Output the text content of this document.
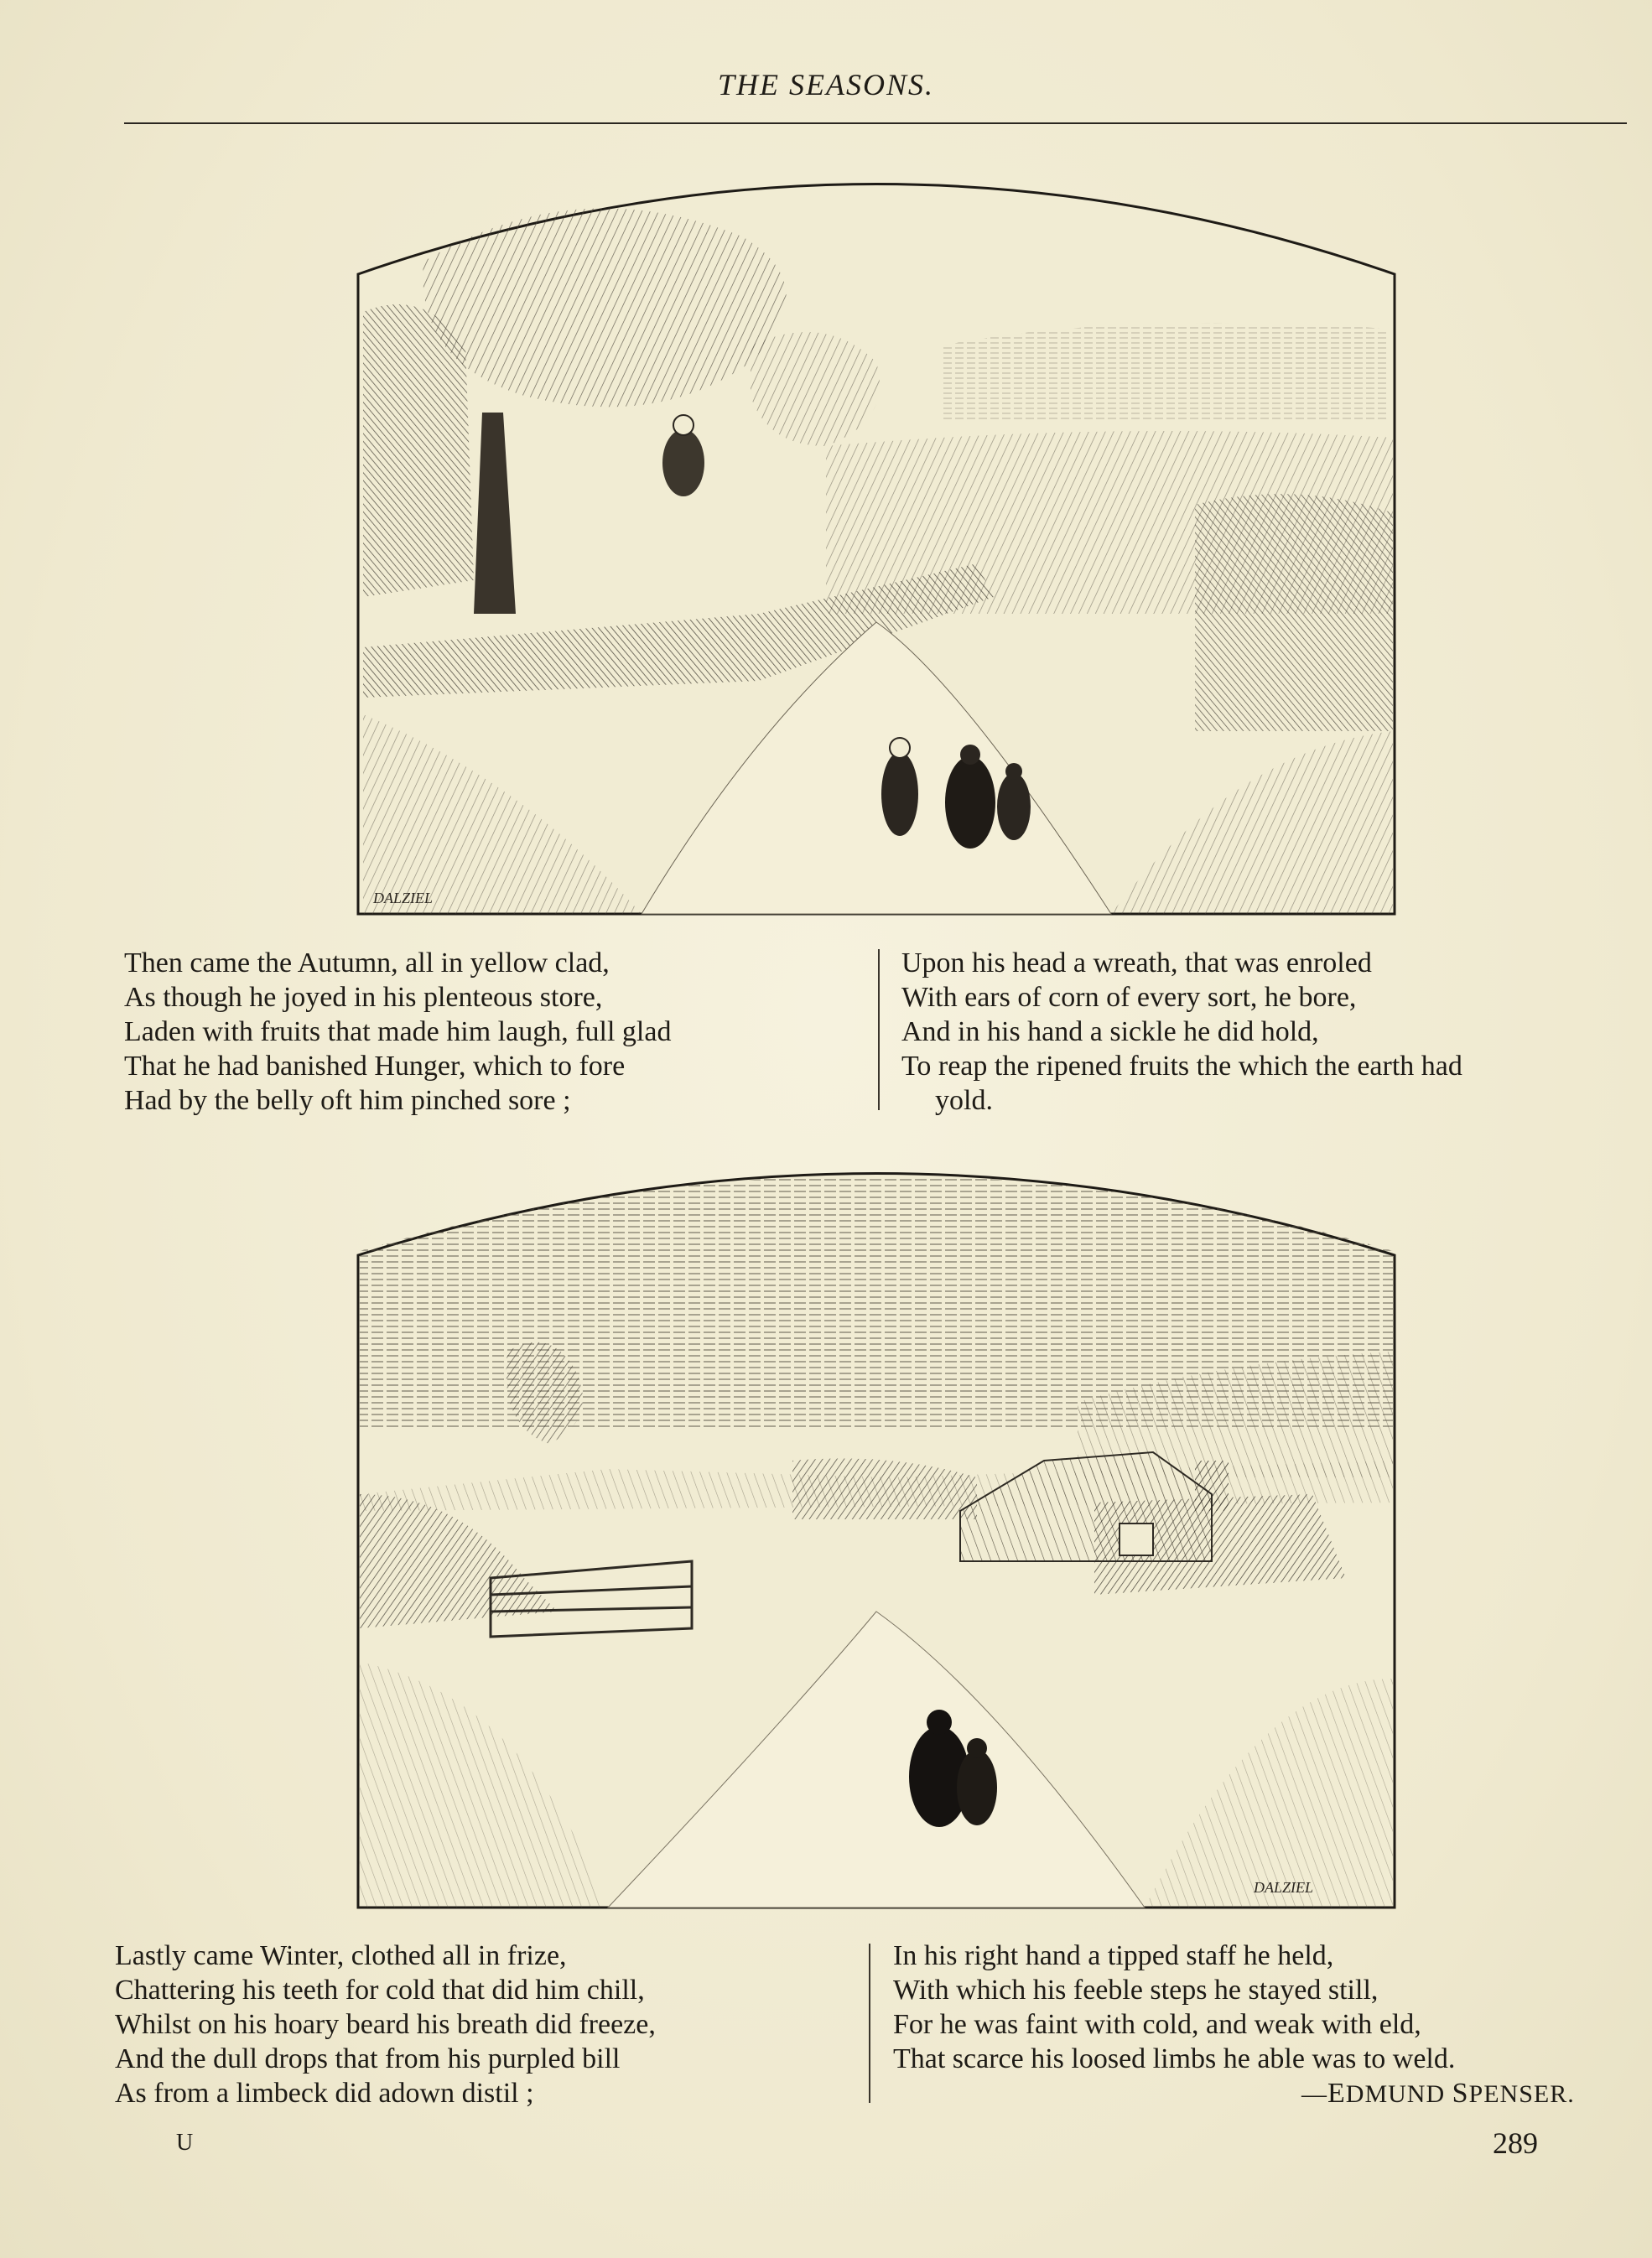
THE SEASONS.
DALZIEL
Then came the Autumn, all in yellow clad,
As though he joyed in his plenteous store,
Laden with fruits that made him laugh, full glad
That he had banished Hunger, which to fore
Had by the belly oft him pinched sore ;
Upon his head a wreath, that was enroled
With ears of corn of every sort, he bore,
And in his hand a sickle he did hold,
To reap the ripened fruits the which the earth had
yold.
DALZIEL
Lastly came Winter, clothed all in frize,
Chattering his teeth for cold that did him chill,
Whilst on his hoary beard his breath did freeze,
And the dull drops that from his purpled bill
As from a limbeck did adown distil ;
In his right hand a tipped staff he held,
With which his feeble steps he stayed still,
For he was faint with cold, and weak with eld,
That scarce his loosed limbs he able was to weld.
—EDMUND SPENSER.
U	289
